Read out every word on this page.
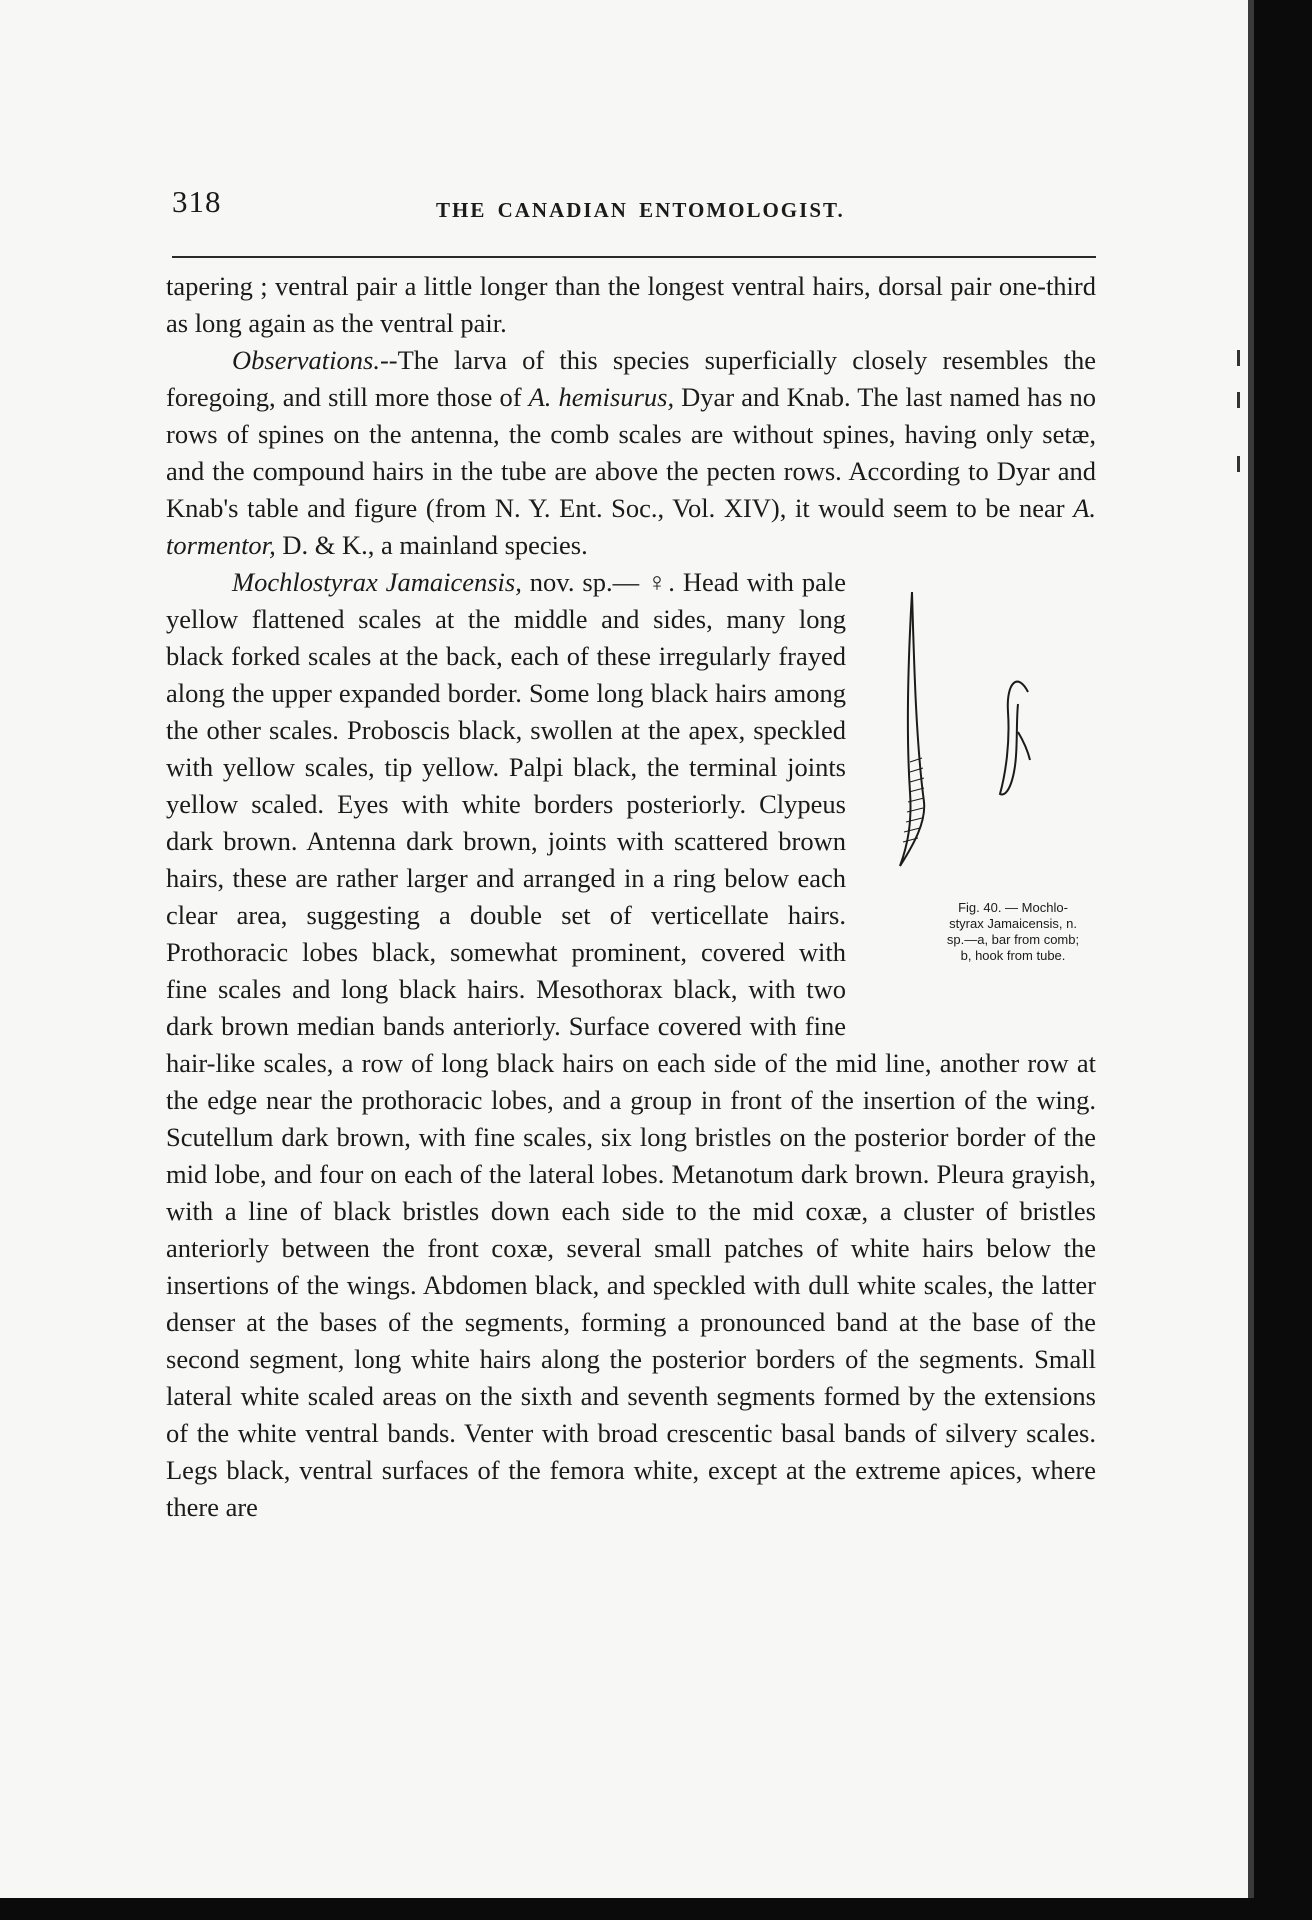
318	THE CANADIAN ENTOMOLOGIST.

tapering ; ventral pair a little longer than the longest ventral hairs, dorsal pair one-third as long again as the ventral pair.

Observations.--The larva of this species superficially closely resembles the foregoing, and still more those of A. hemisurus, Dyar and Knab. The last named has no rows of spines on the antenna, the comb scales are without spines, having only setæ, and the compound hairs in the tube are above the pecten rows. According to Dyar and Knab's table and figure (from N. Y. Ent. Soc., Vol. XIV), it would seem to be near A. tormentor, D. & K., a mainland species.

Fig. 40. — Mochlo-
styrax Jamaicensis, n.
sp.—a, bar from comb;
b, hook from tube.
Mochlostyrax Jamaicensis, nov. sp.— ♀. Head with pale yellow flattened scales at the middle and sides, many long black forked scales at the back, each of these irregularly frayed along the upper expanded border. Some long black hairs among the other scales. Proboscis black, swollen at the apex, speckled with yellow scales, tip yellow. Palpi black, the terminal joints yellow scaled. Eyes with white borders posteriorly. Clypeus dark brown. Antenna dark brown, joints with scattered brown hairs, these are rather larger and arranged in a ring below each clear area, suggesting a double set of verticellate hairs. Prothoracic lobes black, somewhat prominent, covered with fine scales and long black hairs. Mesothorax black, with two dark brown median bands anteriorly. Surface covered with fine hair-like scales, a row of long black hairs on each side of the mid line, another row at the edge near the prothoracic lobes, and a group in front of the insertion of the wing. Scutellum dark brown, with fine scales, six long bristles on the posterior border of the mid lobe, and four on each of the lateral lobes. Metanotum dark brown. Pleura grayish, with a line of black bristles down each side to the mid coxæ, a cluster of bristles anteriorly between the front coxæ, several small patches of white hairs below the insertions of the wings. Abdomen black, and speckled with dull white scales, the latter denser at the bases of the segments, forming a pronounced band at the base of the second segment, long white hairs along the posterior borders of the segments. Small lateral white scaled areas on the sixth and seventh segments formed by the extensions of the white ventral bands. Venter with broad crescentic basal bands of silvery scales. Legs black, ventral surfaces of the femora white, except at the extreme apices, where there are
